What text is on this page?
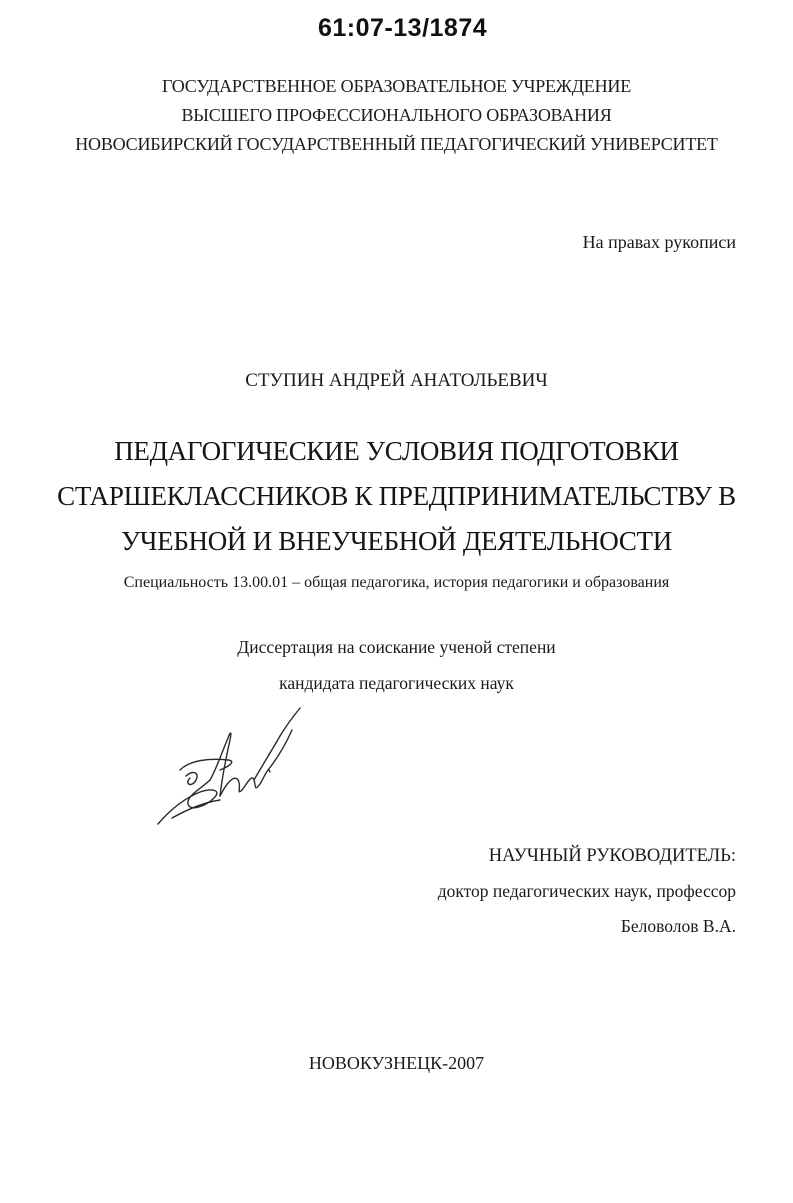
61:07-13/1874
ГОСУДАРСТВЕННОЕ ОБРАЗОВАТЕЛЬНОЕ УЧРЕЖДЕНИЕ
ВЫСШЕГО ПРОФЕССИОНАЛЬНОГО ОБРАЗОВАНИЯ
НОВОСИБИРСКИЙ ГОСУДАРСТВЕННЫЙ ПЕДАГОГИЧЕСКИЙ УНИВЕРСИТЕТ
На правах рукописи
СТУПИН АНДРЕЙ АНАТОЛЬЕВИЧ
ПЕДАГОГИЧЕСКИЕ УСЛОВИЯ ПОДГОТОВКИ
СТАРШЕКЛАССНИКОВ К ПРЕДПРИНИМАТЕЛЬСТВУ В
УЧЕБНОЙ И ВНЕУЧЕБНОЙ ДЕЯТЕЛЬНОСТИ
Специальность 13.00.01 – общая педагогика, история педагогики и образования
Диссертация на соискание ученой степени
кандидата педагогических наук
НАУЧНЫЙ РУКОВОДИТЕЛЬ:
доктор педагогических наук, профессор
Беловолов В.А.
НОВОКУЗНЕЦК-2007
